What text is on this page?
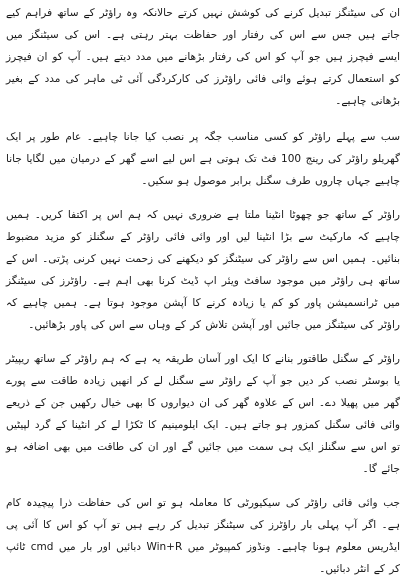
ان کی سیٹنگز تبدیل کرنے کی کوشش نہیں کرتے حالانکہ وہ راؤٹر کے ساتھ فراہم کیے جاتے ہیں جس سے اس کی رفتار اور حفاظت بہتر رہتی ہے۔ اس کی سیٹنگز میں ایسے فیچرز ہیں جو آپ کو اس کی رفتار بڑھانے میں مدد دیتے ہیں۔ آپ کو ان فیچرز کو استعمال کرتے ہوئے وائی فائی راؤٹرز کی کارکردگی آئی ٹی ماہر کی مدد کے بغیر بڑھانی چاہیے۔

سب سے پہلے راؤٹر کو کسی مناسب جگہ پر نصب کیا جانا چاہیے۔ عام طور پر ایک گھریلو راؤٹر کی رینج 100 فٹ تک ہوتی ہے اس لیے اسے گھر کے درمیان میں لگایا جانا چاہیے جہاں چاروں طرف سگنل برابر موصول ہو سکیں۔

راؤٹر کے ساتھ جو چھوٹا انٹینا ملتا ہے ضروری نہیں کہ ہم اس پر اکتفا کریں۔ ہمیں چاہیے کہ مارکیٹ سے بڑا انٹینا لیں اور وائی فائی راؤٹر کے سگنلز کو مزید مضبوط بنائیں۔ ہمیں اس سے راؤٹر کی سیٹنگز کو دیکھنے کی زحمت نہیں کرنی پڑتی۔ اس کے ساتھ ہی راؤٹر میں موجود سافٹ ویئر اپ ڈیٹ کرنا بھی اہم ہے۔ راؤٹرز کی سیٹنگز میں ٹرانسمیشن پاور کو کم یا زیادہ کرنے کا آپشن موجود ہوتا ہے۔ ہمیں چاہیے کہ راؤٹر کی سیٹنگز میں جائیں اور آپشن تلاش کر کے وہاں سے اس کی پاور بڑھائیں۔

راؤٹر کے سگنل طاقتور بنانے کا ایک اور آسان طریقہ یہ ہے کہ ہم راؤٹر کے ساتھ ریپیٹر یا بوسٹر نصب کر دیں جو آپ کے راؤٹر سے سگنل لے کر انھیں زیادہ طاقت سے پورے گھر میں پھیلا دے۔ اس کے علاوہ گھر کی ان دیواروں کا بھی خیال رکھیں جن کے ذریعے وائی فائی سگنل کمزور ہو جاتے ہیں۔ ایک ایلومینیم کا ٹکڑا لے کر انٹینا کے گرد لپیٹیں تو اس سے سگنلز ایک ہی سمت میں جائیں گے اور ان کی طاقت میں بھی اضافہ ہو جائے گا۔

جب وائی فائی راؤٹر کی سیکیورٹی کا معاملہ ہو تو اس کی حفاظت ذرا پیچیدہ کام ہے۔ اگر آپ پہلی بار راؤٹرز کی سیٹنگز تبدیل کر رہے ہیں تو آپ کو اس کا آئی پی ایڈریس معلوم ہونا چاہیے۔ ونڈوز کمپیوٹر میں Win+R دبائیں اور بار میں cmd ٹائپ کر کے انٹر دبائیں۔
